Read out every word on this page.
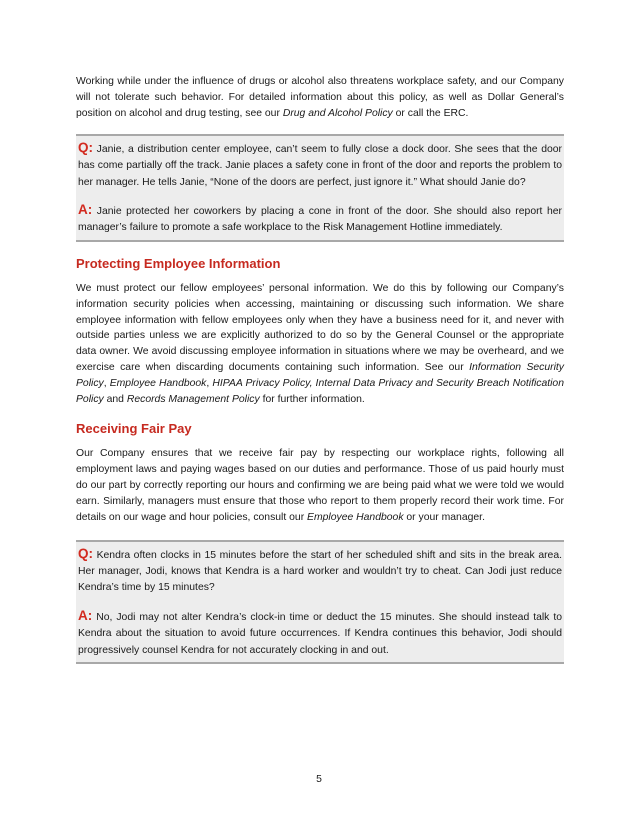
Working while under the influence of drugs or alcohol also threatens workplace safety, and our Company will not tolerate such behavior. For detailed information about this policy, as well as Dollar General’s position on alcohol and drug testing, see our Drug and Alcohol Policy or call the ERC.

Q: Janie, a distribution center employee, can’t seem to fully close a dock door. She sees that the door has come partially off the track. Janie places a safety cone in front of the door and reports the problem to her manager. He tells Janie, “None of the doors are perfect, just ignore it.” What should Janie do?

A: Janie protected her coworkers by placing a cone in front of the door. She should also report her manager’s failure to promote a safe workplace to the Risk Management Hotline immediately.

Protecting Employee Information

We must protect our fellow employees’ personal information. We do this by following our Company’s information security policies when accessing, maintaining or discussing such information. We share employee information with fellow employees only when they have a business need for it, and never with outside parties unless we are explicitly authorized to do so by the General Counsel or the appropriate data owner. We avoid discussing employee information in situations where we may be overheard, and we exercise care when discarding documents containing such information. See our Information Security Policy, Employee Handbook, HIPAA Privacy Policy, Internal Data Privacy and Security Breach Notification Policy and Records Management Policy for further information.

Receiving Fair Pay

Our Company ensures that we receive fair pay by respecting our workplace rights, following all employment laws and paying wages based on our duties and performance. Those of us paid hourly must do our part by correctly reporting our hours and confirming we are being paid what we were told we would earn. Similarly, managers must ensure that those who report to them properly record their work time. For details on our wage and hour policies, consult our Employee Handbook or your manager.

Q: Kendra often clocks in 15 minutes before the start of her scheduled shift and sits in the break area. Her manager, Jodi, knows that Kendra is a hard worker and wouldn’t try to cheat. Can Jodi just reduce Kendra’s time by 15 minutes?

A: No, Jodi may not alter Kendra’s clock-in time or deduct the 15 minutes. She should instead talk to Kendra about the situation to avoid future occurrences. If Kendra continues this behavior, Jodi should progressively counsel Kendra for not accurately clocking in and out.

5
